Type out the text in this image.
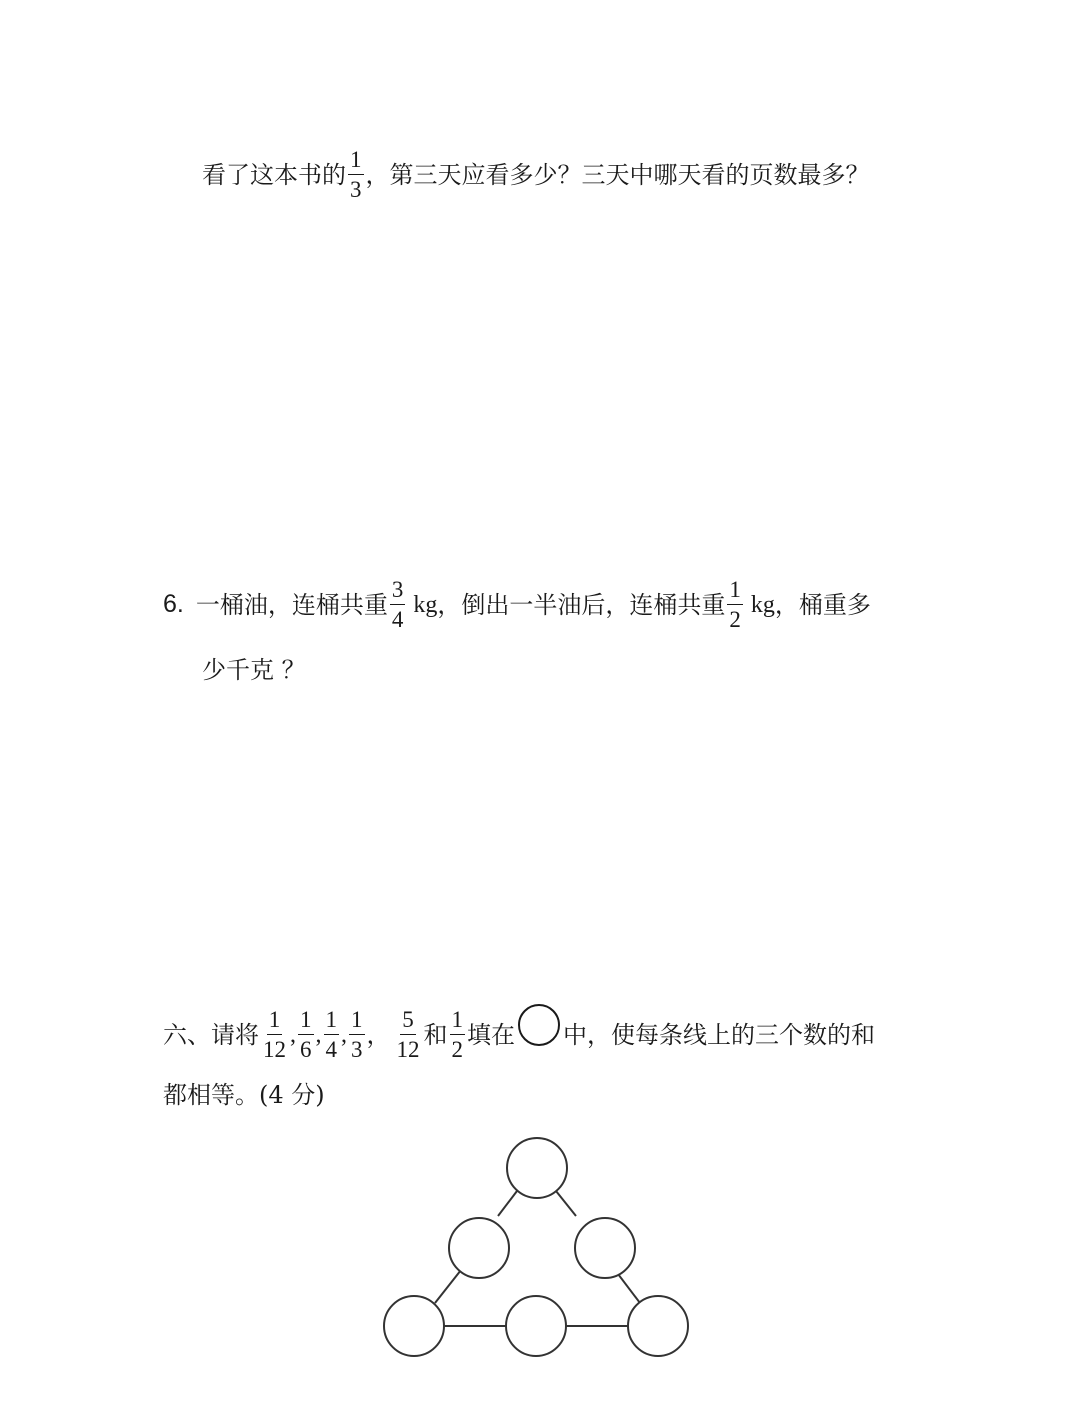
看了这本书的 $\frac{1}{3}$ ，第三天应看多少？三天中哪天看的页数最多？
6. 一桶油，连桶共重 $\frac{3}{4}$ kg ，倒出一半油后，连桶共重 $\frac{1}{2}$ kg ，桶重多
少千克 ？
六、请将 $\frac{1}{12}$ , $\frac{1}{6}$ , $\frac{1}{4}$ , $\frac{1}{3}$ ， $\frac{5}{12}$ 和 $\frac{1}{2}$ 填在 中，使每条线上的三个数的和
都相等。(4 分)
